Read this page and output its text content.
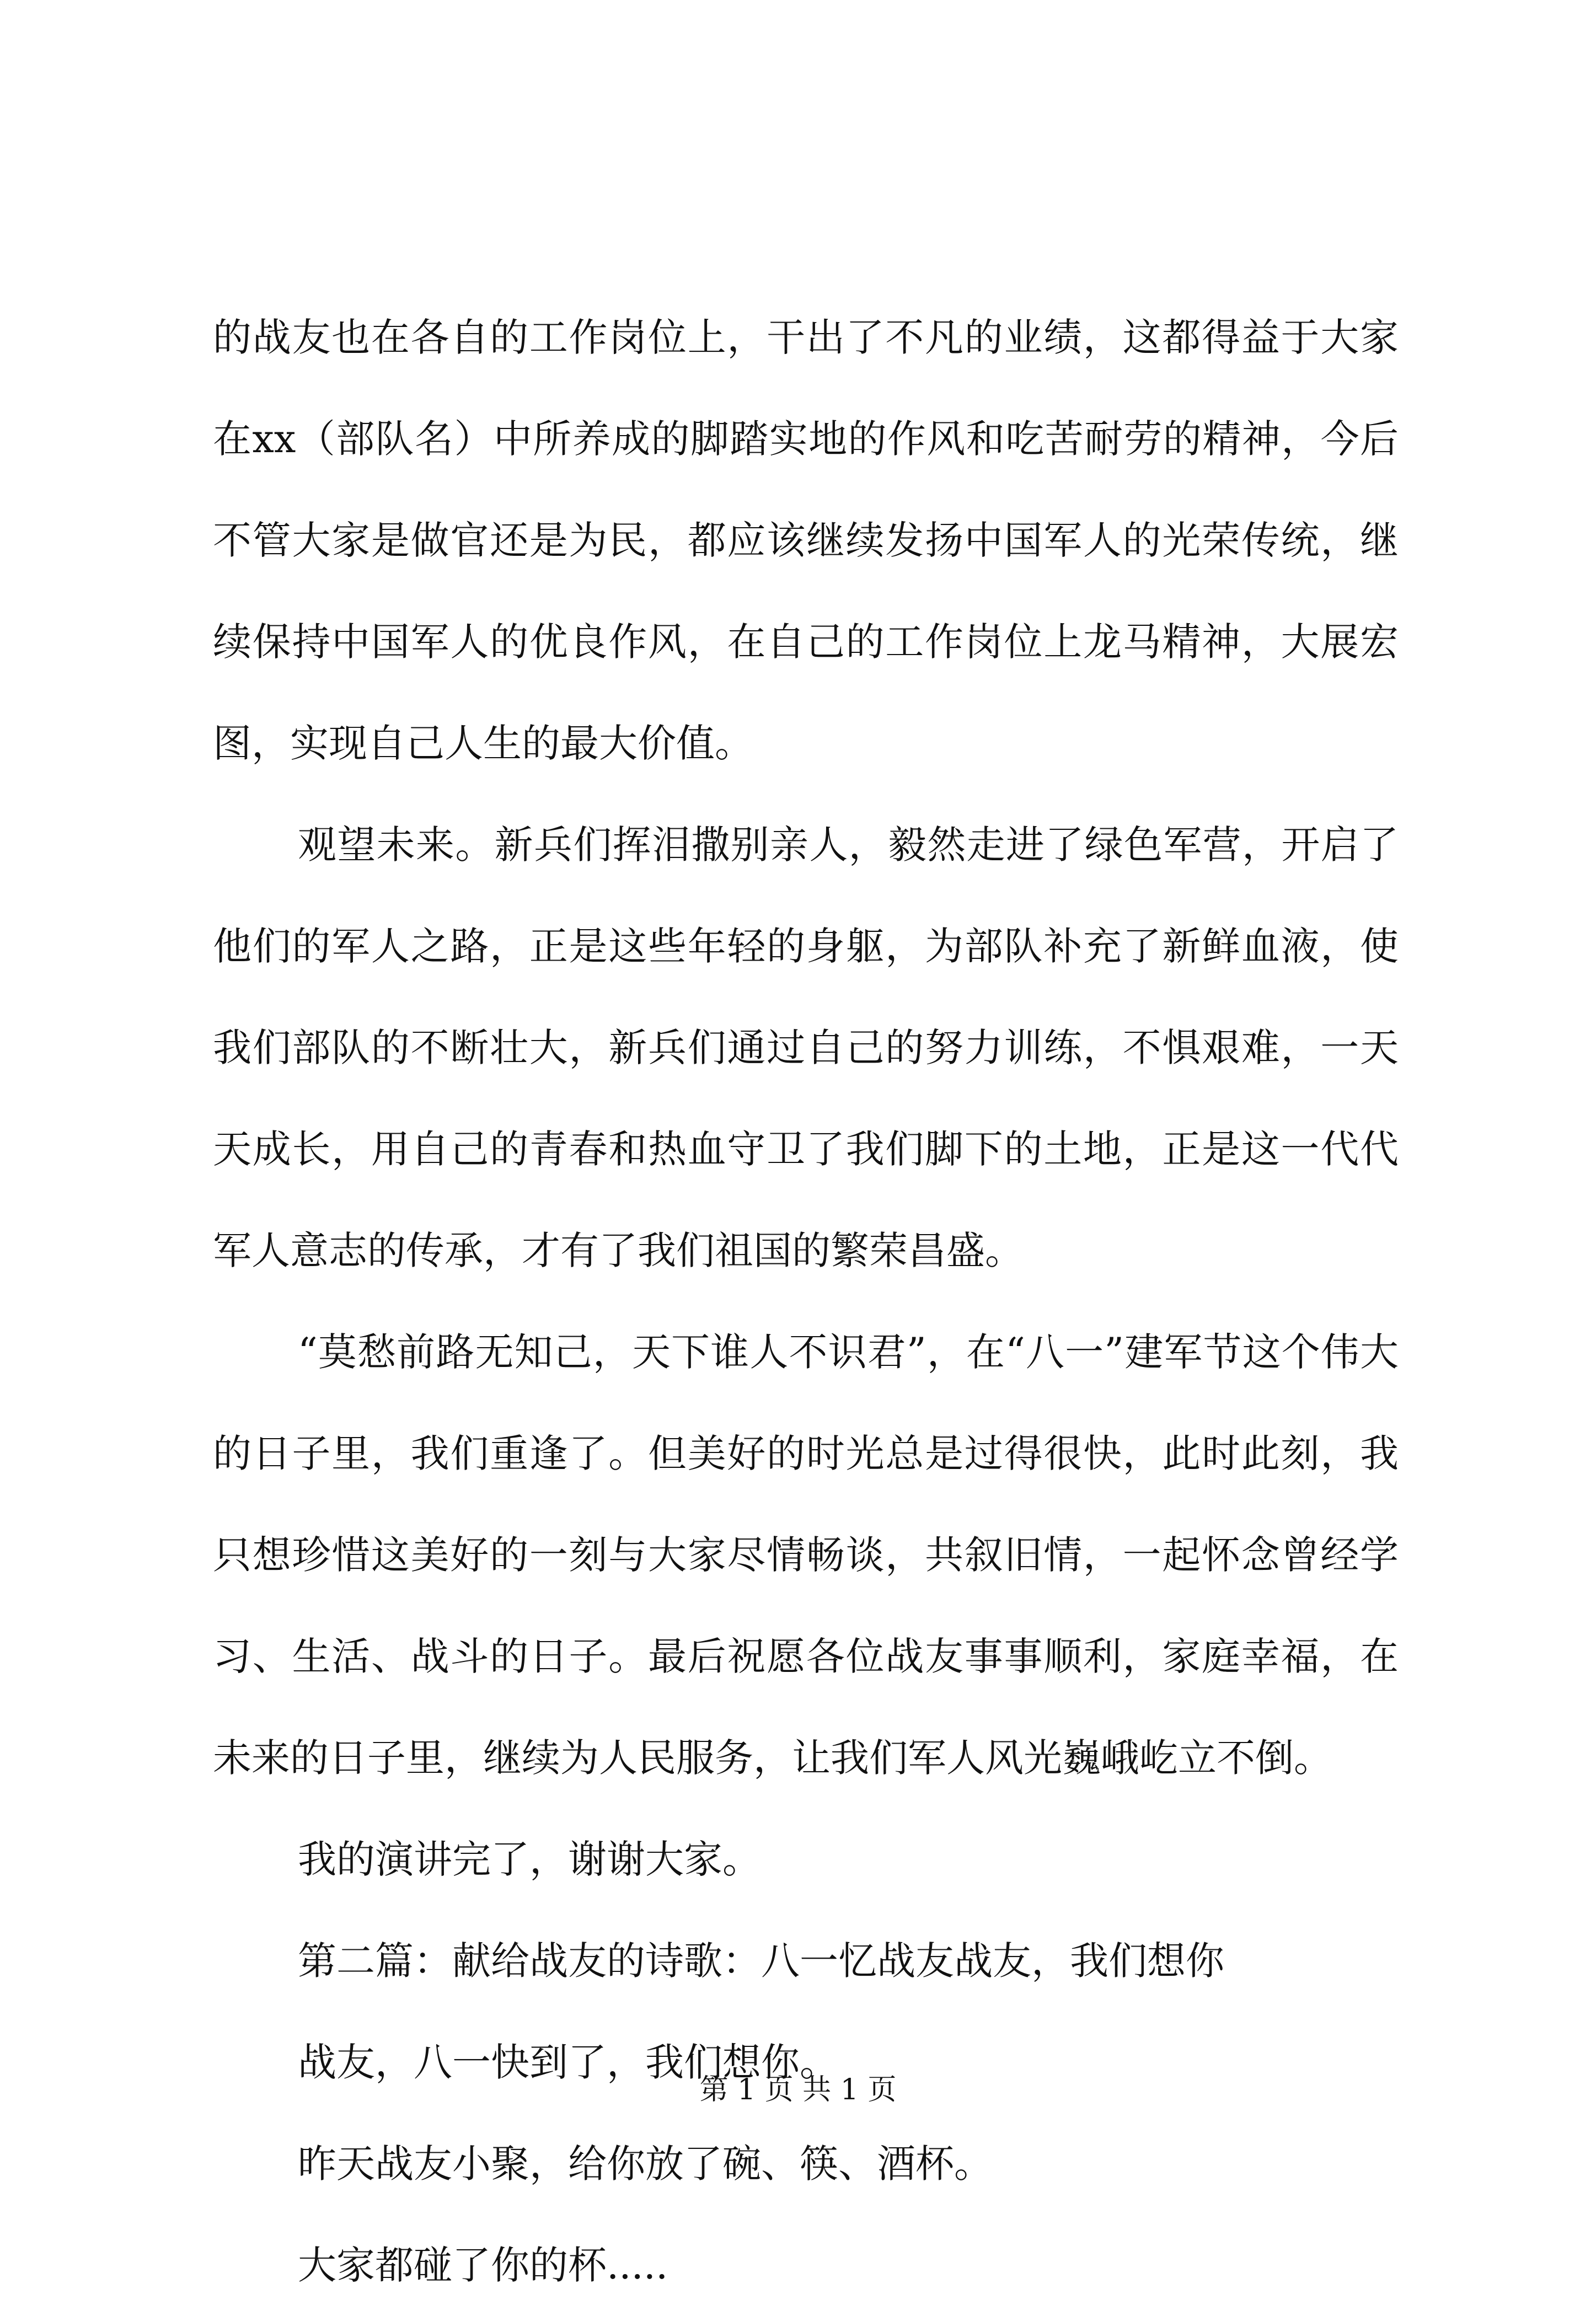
的战友也在各自的工作岗位上，干出了不凡的业绩，这都得益于大家在xx（部队名）中所养成的脚踏实地的作风和吃苦耐劳的精神，今后不管大家是做官还是为民，都应该继续发扬中国军人的光荣传统，继续保持中国军人的优良作风，在自己的工作岗位上龙马精神，大展宏图，实现自己人生的最大价值。

观望未来。新兵们挥泪撒别亲人，毅然走进了绿色军营，开启了他们的军人之路，正是这些年轻的身躯，为部队补充了新鲜血液，使我们部队的不断壮大，新兵们通过自己的努力训练，不惧艰难，一天天成长，用自己的青春和热血守卫了我们脚下的土地，正是这一代代军人意志的传承，才有了我们祖国的繁荣昌盛。

“莫愁前路无知己，天下谁人不识君”，在“八一”建军节这个伟大的日子里，我们重逢了。但美好的时光总是过得很快，此时此刻，我只想珍惜这美好的一刻与大家尽情畅谈，共叙旧情，一起怀念曾经学习、生活、战斗的日子。最后祝愿各位战友事事顺利，家庭幸福，在未来的日子里，继续为人民服务，让我们军人风光巍峨屹立不倒。

我的演讲完了，谢谢大家。

第二篇：献给战友的诗歌：八一忆战友战友，我们想你

战友，八一快到了，我们想你。

昨天战友小聚，给你放了碗、筷、酒杯。

大家都碰了你的杯.....

第 1 页 共 1 页
